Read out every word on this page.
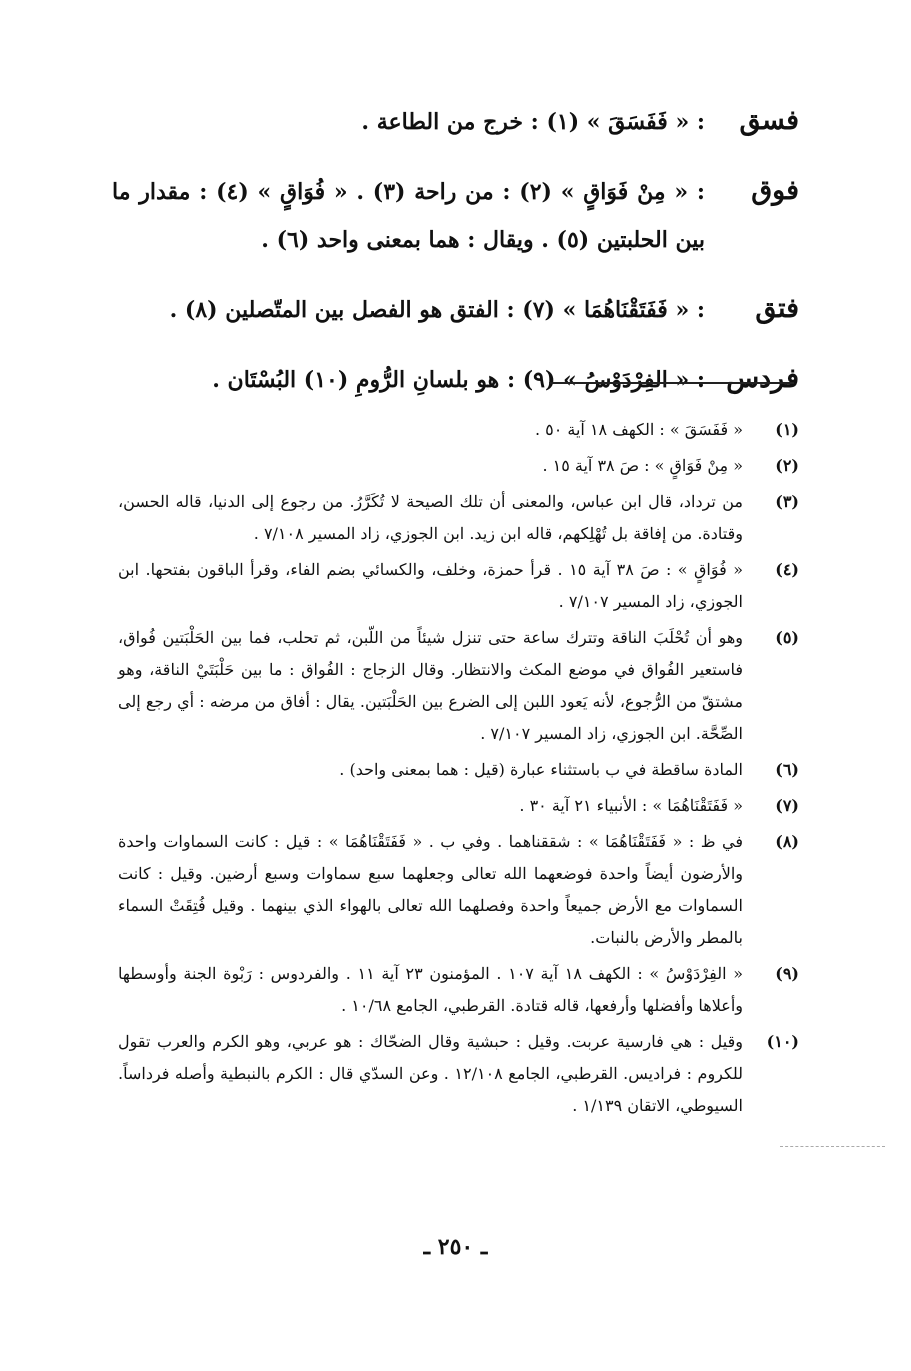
فسق
: « فَفَسَقَ » (١) : خرج من الطاعة .
فوق
: « مِنْ فَوَاقٍ » (٢) : من راحة (٣) . « فُوَاقٍ » (٤) : مقدار ما بين الحلبتين (٥) . ويقال : هما بمعنى واحد (٦) .
فتق
: « فَفَتَقْنَاهُمَا » (٧) : الفتق هو الفصل بين المتّصلين (٨) .
فردس
: « الفِرْدَوْسُ » (٩) : هو بلسانِ الرُّومِ (١٠) البُسْتَان .
(١)
« فَفَسَقَ » : الكهف ١٨ آية ٥٠ .
(٢)
« مِنْ فَوَاقٍ » : صَ ٣٨ آية ١٥ .
(٣)
من ترداد، قال ابن عباس، والمعنى أن تلك الصيحة لا تُكَرَّرُ. من رجوع إلى الدنيا، قاله الحسن، وقتادة. من إفاقة بل تُهْلِكهم، قاله ابن زيد. ابن الجوزي، زاد المسير ٧/١٠٨ .
(٤)
« فُوَاقٍ » : صَ ٣٨ آية ١٥ . قرأ حمزة، وخلف، والكسائي بضم الفاء، وقرأ الباقون بفتحها. ابن الجوزي، زاد المسير ٧/١٠٧ .
(٥)
وهو أن تُحْلَبَ الناقة وتترك ساعة حتى تنزل شيئاً من اللّبن، ثم تحلب، فما بين الحَلْبَتين فُواق، فاستعير الفُواق في موضع المكث والانتظار. وقال الزجاج : الفُواق : ما بين حَلْبَتَيْ الناقة، وهو مشتقّ من الرُّجوع، لأنه يَعود اللبن إلى الضرع بين الحَلْبَتين. يقال : أفاق من مرضه : أي رجع إلى الصِّحَّة. ابن الجوزي، زاد المسير ٧/١٠٧ .
(٦)
المادة ساقطة في ب باستثناء عبارة (قيل : هما بمعنى واحد) .
(٧)
« فَفَتَقْنَاهُمَا » : الأنبياء ٢١ آية ٣٠ .
(٨)
في ظ : « فَفَتَقْنَاهُمَا » : شققناهما . وفي ب . « فَفَتَقْنَاهُمَا » : قيل : كانت السماوات واحدة والأرضون أيضاً واحدة فوضعهما الله تعالى وجعلهما سبع سماوات وسبع أرضين. وقيل : كانت السماوات مع الأرض جميعاً واحدة وفصلهما الله تعالى بالهواء الذي بينهما . وقيل فُتِقَتْ السماء بالمطر والأرض بالنبات.
(٩)
« الفِرْدَوْسُ » : الكهف ١٨ آية ١٠٧ . المؤمنون ٢٣ آية ١١ . والفردوس : رَبْوة الجنة وأوسطها وأعلاها وأفضلها وأرفعها، قاله قتادة. القرطبي، الجامع ١٠/٦٨ .
(١٠)
وقيل : هي فارسية عربت. وقيل : حبشية وقال الضحّاك : هو عربي، وهو الكرم والعرب تقول للكروم : فراديس. القرطبي، الجامع ١٢/١٠٨ . وعن السدّي قال : الكرم بالنبطية وأصله فرداساً. السيوطي، الاتقان ١/١٣٩ .
ـ ٢٥٠ ـ
